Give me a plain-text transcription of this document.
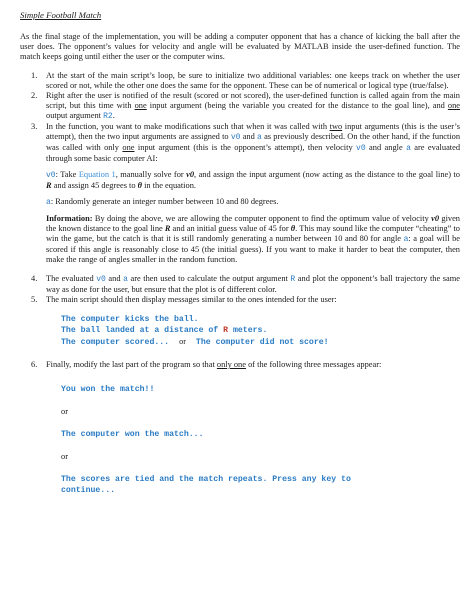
Simple Football Match

As the final stage of the implementation, you will be adding a computer opponent that has a chance of kicking the ball after the user does. The opponent’s values for velocity and angle will be evaluated by MATLAB inside the user-defined function. The match keeps going until either the user or the computer wins.

1. At the start of the main script’s loop, be sure to initialize two additional variables: one keeps track on whether the user scored or not, while the other one does the same for the opponent. These can be of numerical or logical type (true/false).
2. Right after the user is notified of the result (scored or not scored), the user-defined function is called again from the main script, but this time with one input argument (being the variable you created for the distance to the goal line), and one output argument R2.
3. In the function, you want to make modifications such that when it was called with two input arguments (this is the user’s attempt), then the two input arguments are assigned to v0 and a as previously described. On the other hand, if the function was called with only one input argument (this is the opponent’s attempt), then velocity v0 and angle a are evaluated through some basic computer AI:

v0: Take Equation 1, manually solve for v0, and assign the input argument (now acting as the distance to the goal line) to R and assign 45 degrees to θ in the equation.

a: Randomly generate an integer number between 10 and 80 degrees.

Information: By doing the above, we are allowing the computer opponent to find the optimum value of velocity v0 given the known distance to the goal line R and an initial guess value of 45 for θ. This may sound like the computer “cheating” to win the game, but the catch is that it is still randomly generating a number between 10 and 80 for angle a: a goal will be scored if this angle is reasonably close to 45 (the initial guess). If you want to make it harder to beat the computer, then make the range of angles smaller in the random function.

4. The evaluated v0 and a are then used to calculate the output argument R and plot the opponent’s ball trajectory the same way as done for the user, but ensure that the plot is of different color.
5. The main script should then display messages similar to the ones intended for the user:
The computer kicks the ball.
The ball landed at a distance of R meters.
The computer scored... or The computer did not score!
6. Finally, modify the last part of the program so that only one of the following three messages appear:
You won the match!!
or
The computer won the match...
or
The scores are tied and the match repeats. Press any key to
continue...
